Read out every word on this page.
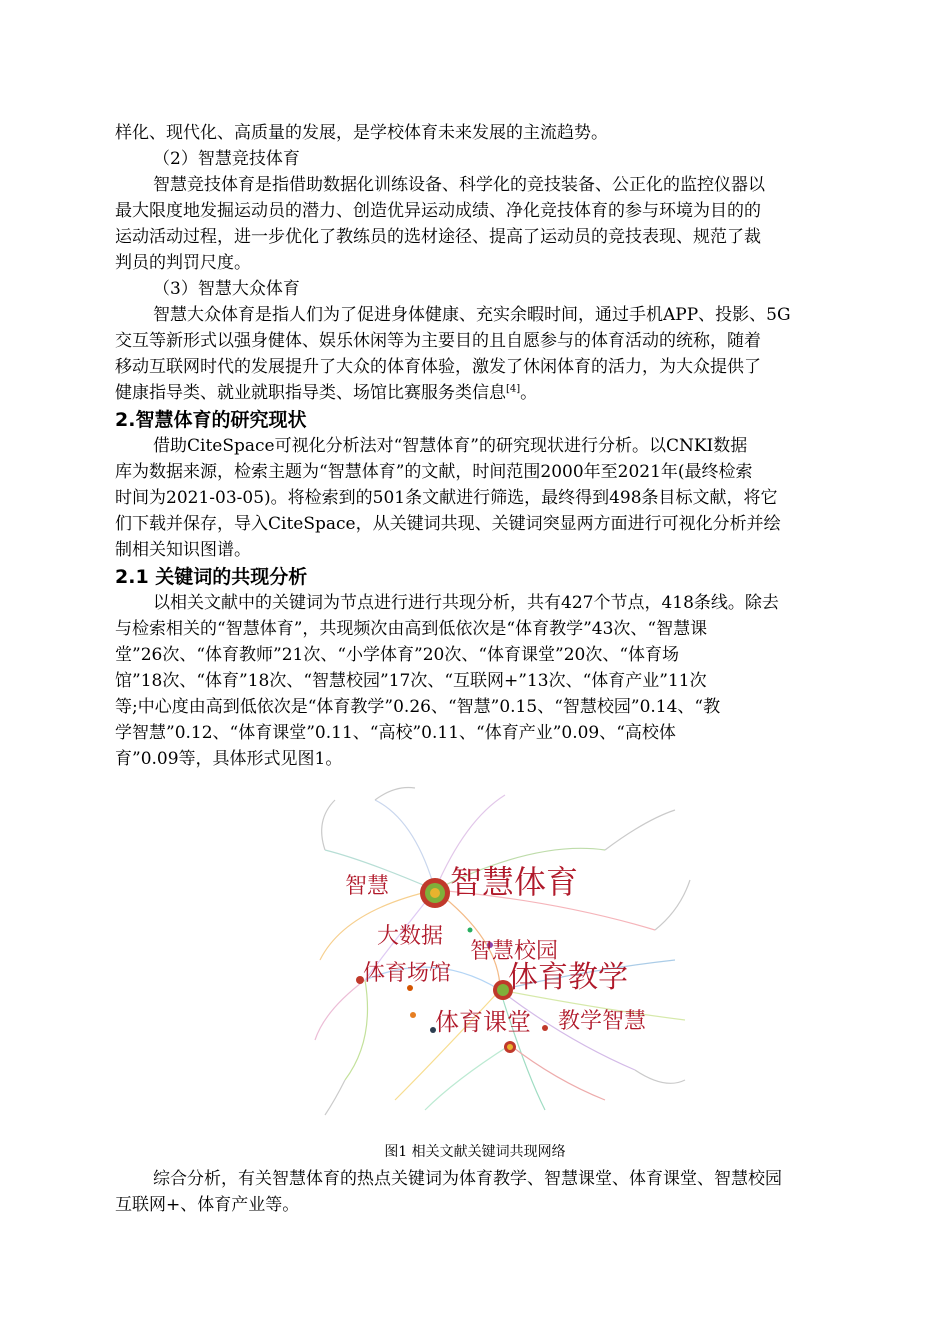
样化、现代化、高质量的发展，是学校体育未来发展的主流趋势。
（2）智慧竞技体育
智慧竞技体育是指借助数据化训练设备、科学化的竞技装备、公正化的监控仪器以
最大限度地发掘运动员的潜力、创造优异运动成绩、净化竞技体育的参与环境为目的的
运动活动过程，进一步优化了教练员的选材途径、提高了运动员的竞技表现、规范了裁
判员的判罚尺度。
（3）智慧大众体育
智慧大众体育是指人们为了促进身体健康、充实余暇时间，通过手机APP、投影、5G
交互等新形式以强身健体、娱乐休闲等为主要目的且自愿参与的体育活动的统称，随着
移动互联网时代的发展提升了大众的体育体验，激发了休闲体育的活力，为大众提供了
健康指导类、就业就职指导类、场馆比赛服务类信息[4]。
2.智慧体育的研究现状
借助CiteSpace可视化分析法对“智慧体育”的研究现状进行分析。以CNKI数据
库为数据来源，检索主题为“智慧体育”的文献，时间范围2000年至2021年(最终检索
时间为2021-03-05)。将检索到的501条文献进行筛选，最终得到498条目标文献，将它
们下载并保存，导入CiteSpace，从关键词共现、关键词突显两方面进行可视化分析并绘
制相关知识图谱。
2.1 关键词的共现分析
以相关文献中的关键词为节点进行进行共现分析，共有427个节点，418条线。除去
与检索相关的“智慧体育”，共现频次由高到低依次是“体育教学”43次、“智慧课
堂”26次、“体育教师”21次、“小学体育”20次、“体育课堂”20次、“体育场
馆”18次、“体育”18次、“智慧校园”17次、“互联网+”13次、“体育产业”11次
等;中心度由高到低依次是“体育教学”0.26、“智慧”0.15、“智慧校园”0.14、“教
学智慧”0.12、“体育课堂”0.11、“高校”0.11、“体育产业”0.09、“高校体
育”0.09等，具体形式见图1。
智慧 智慧体育
大数据
智慧校园
体育场馆 体育教学
体育课堂 教学智慧
图1 相关文献关键词共现网络
综合分析，有关智慧体育的热点关键词为体育教学、智慧课堂、体育课堂、智慧校园
互联网+、体育产业等。
